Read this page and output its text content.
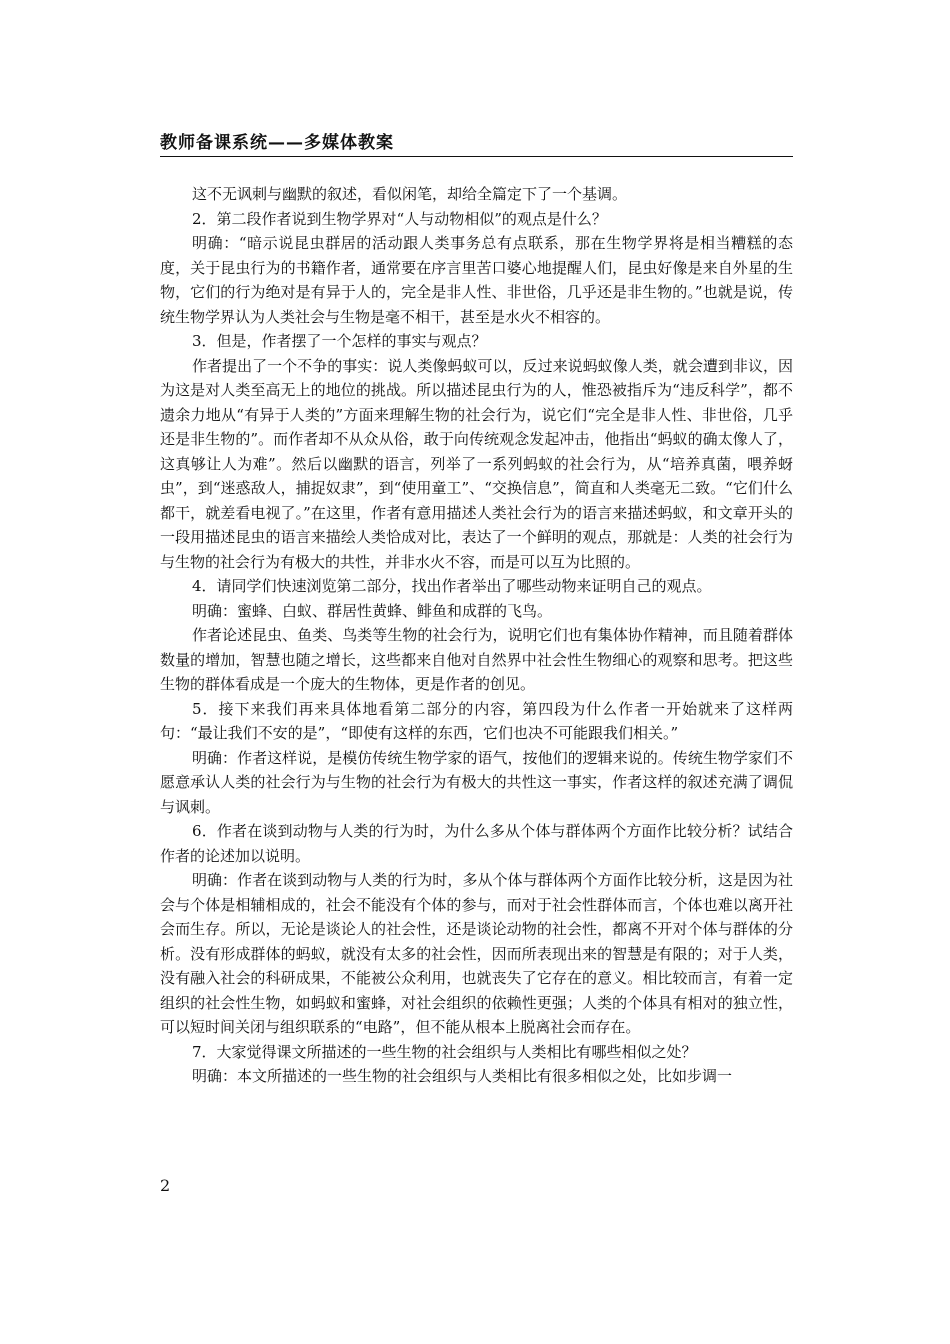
教师备课系统——多媒体教案

这不无讽刺与幽默的叙述，看似闲笔，却给全篇定下了一个基调。

2．第二段作者说到生物学界对“人与动物相似”的观点是什么？

明确：“暗示说昆虫群居的活动跟人类事务总有点联系，那在生物学界将是相当糟糕的态度，关于昆虫行为的书籍作者，通常要在序言里苦口婆心地提醒人们，昆虫好像是来自外星的生物，它们的行为绝对是有异于人的，完全是非人性、非世俗，几乎还是非生物的。”也就是说，传统生物学界认为人类社会与生物是毫不相干，甚至是水火不相容的。

3．但是，作者摆了一个怎样的事实与观点？

作者提出了一个不争的事实：说人类像蚂蚁可以，反过来说蚂蚁像人类，就会遭到非议，因为这是对人类至高无上的地位的挑战。所以描述昆虫行为的人，惟恐被指斥为“违反科学”，都不遗余力地从“有异于人类的”方面来理解生物的社会行为，说它们“完全是非人性、非世俗，几乎还是非生物的”。而作者却不从众从俗，敢于向传统观念发起冲击，他指出“蚂蚁的确太像人了，这真够让人为难”。然后以幽默的语言，列举了一系列蚂蚁的社会行为，从“培养真菌，喂养蚜虫”，到“迷惑敌人，捕捉奴隶”，到“使用童工”、“交换信息”，简直和人类毫无二致。“它们什么都干，就差看电视了。”在这里，作者有意用描述人类社会行为的语言来描述蚂蚁，和文章开头的一段用描述昆虫的语言来描绘人类恰成对比，表达了一个鲜明的观点，那就是：人类的社会行为与生物的社会行为有极大的共性，并非水火不容，而是可以互为比照的。

4．请同学们快速浏览第二部分，找出作者举出了哪些动物来证明自己的观点。

明确：蜜蜂、白蚁、群居性黄蜂、鲱鱼和成群的飞鸟。

作者论述昆虫、鱼类、鸟类等生物的社会行为，说明它们也有集体协作精神，而且随着群体数量的增加，智慧也随之增长，这些都来自他对自然界中社会性生物细心的观察和思考。把这些生物的群体看成是一个庞大的生物体，更是作者的创见。

5．接下来我们再来具体地看第二部分的内容，第四段为什么作者一开始就来了这样两句：“最让我们不安的是”，“即使有这样的东西，它们也决不可能跟我们相关。”

明确：作者这样说，是模仿传统生物学家的语气，按他们的逻辑来说的。传统生物学家们不愿意承认人类的社会行为与生物的社会行为有极大的共性这一事实，作者这样的叙述充满了调侃与讽刺。

6．作者在谈到动物与人类的行为时，为什么多从个体与群体两个方面作比较分析？试结合作者的论述加以说明。

明确：作者在谈到动物与人类的行为时，多从个体与群体两个方面作比较分析，这是因为社会与个体是相辅相成的，社会不能没有个体的参与，而对于社会性群体而言，个体也难以离开社会而生存。所以，无论是谈论人的社会性，还是谈论动物的社会性，都离不开对个体与群体的分析。没有形成群体的蚂蚁，就没有太多的社会性，因而所表现出来的智慧是有限的；对于人类，没有融入社会的科研成果，不能被公众利用，也就丧失了它存在的意义。相比较而言，有着一定组织的社会性生物，如蚂蚁和蜜蜂，对社会组织的依赖性更强；人类的个体具有相对的独立性，可以短时间关闭与组织联系的“电路”，但不能从根本上脱离社会而存在。

7．大家觉得课文所描述的一些生物的社会组织与人类相比有哪些相似之处？

明确：本文所描述的一些生物的社会组织与人类相比有很多相似之处，比如步调一

2
